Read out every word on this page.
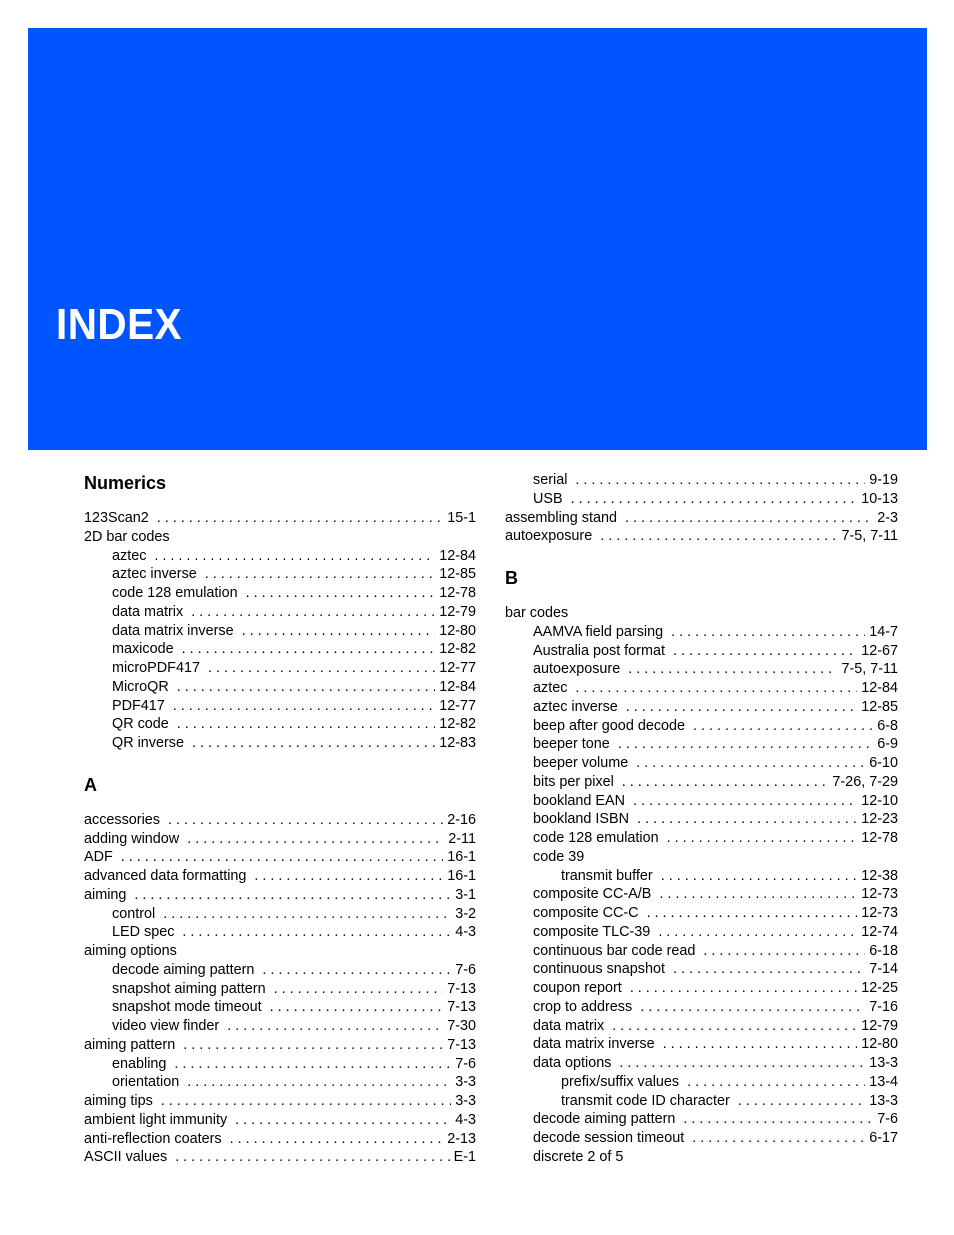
INDEX
Numerics
123Scan2 . . .	15-1
2D bar codes
aztec . . .	12-84
aztec inverse . . .	12-85
code 128 emulation . . .	12-78
data matrix . . .	12-79
data matrix inverse . . .	12-80
maxicode . . .	12-82
microPDF417 . . .	12-77
MicroQR . . .	12-84
PDF417 . . .	12-77
QR code . . .	12-82
QR inverse . . .	12-83
A
accessories . . .	2-16
adding window . . .	2-11
ADF . . .	16-1
advanced data formatting . . .	16-1
aiming . . .	3-1
control . . .	3-2
LED spec . . .	4-3
aiming options
decode aiming pattern . . .	7-6
snapshot aiming pattern . . .	7-13
snapshot mode timeout . . .	7-13
video view finder . . .	7-30
aiming pattern . . .	7-13
enabling . . .	7-6
orientation . . .	3-3
aiming tips . . .	3-3
ambient light immunity . . .	4-3
anti-reflection coaters . . .	2-13
ASCII values . . .	E-1
serial . . .	9-19
USB . . .	10-13
assembling stand . . .	2-3
autoexposure . . .	7-5, 7-11
B
bar codes
AAMVA field parsing . . .	14-7
Australia post format . . .	12-67
autoexposure . . .	7-5, 7-11
aztec . . .	12-84
aztec inverse . . .	12-85
beep after good decode . . .	6-8
beeper tone . . .	6-9
beeper volume . . .	6-10
bits per pixel . . .	7-26, 7-29
bookland EAN . . .	12-10
bookland ISBN . . .	12-23
code 128 emulation . . .	12-78
code 39
transmit buffer . . .	12-38
composite CC-A/B . . .	12-73
composite CC-C . . .	12-73
composite TLC-39 . . .	12-74
continuous bar code read . . .	6-18
continuous snapshot . . .	7-14
coupon report . . .	12-25
crop to address . . .	7-16
data matrix . . .	12-79
data matrix inverse . . .	12-80
data options . . .	13-3
prefix/suffix values . . .	13-4
transmit code ID character . . .	13-3
decode aiming pattern . . .	7-6
decode session timeout . . .	6-17
discrete 2 of 5
